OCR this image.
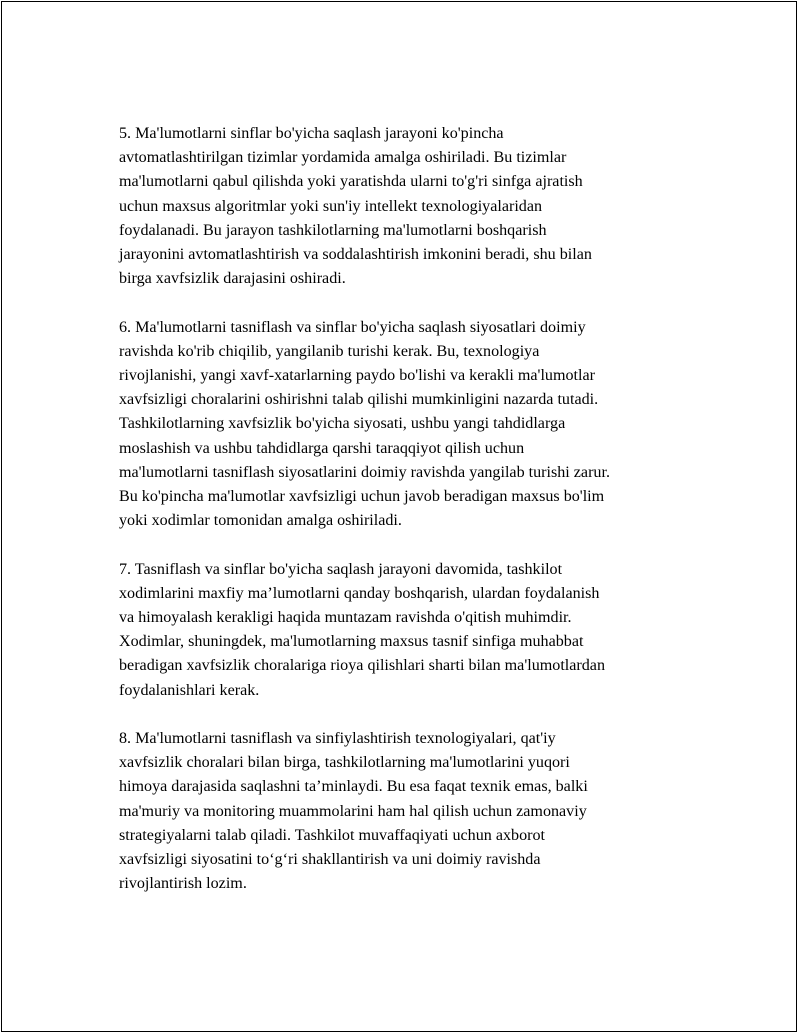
5. Ma'lumotlarni sinflar bo'yicha saqlash jarayoni ko'pincha
avtomatlashtirilgan tizimlar yordamida amalga oshiriladi. Bu tizimlar
ma'lumotlarni qabul qilishda yoki yaratishda ularni to'g'ri sinfga ajratish
uchun maxsus algoritmlar yoki sun'iy intellekt texnologiyalaridan
foydalanadi. Bu jarayon tashkilotlarning ma'lumotlarni boshqarish
jarayonini avtomatlashtirish va soddalashtirish imkonini beradi, shu bilan
birga xavfsizlik darajasini oshiradi.

6. Ma'lumotlarni tasniflash va sinflar bo'yicha saqlash siyosatlari doimiy
ravishda ko'rib chiqilib, yangilanib turishi kerak. Bu, texnologiya
rivojlanishi, yangi xavf-xatarlarning paydo bo'lishi va kerakli ma'lumotlar
xavfsizligi choralarini oshirishni talab qilishi mumkinligini nazarda tutadi.
Tashkilotlarning xavfsizlik bo'yicha siyosati, ushbu yangi tahdidlarga
moslashish va ushbu tahdidlarga qarshi taraqqiyot qilish uchun
ma'lumotlarni tasniflash siyosatlarini doimiy ravishda yangilab turishi zarur.
Bu ko'pincha ma'lumotlar xavfsizligi uchun javob beradigan maxsus bo'lim
yoki xodimlar tomonidan amalga oshiriladi.

7. Tasniflash va sinflar bo'yicha saqlash jarayoni davomida, tashkilot
xodimlarini maxfiy ma’lumotlarni qanday boshqarish, ulardan foydalanish
va himoyalash kerakligi haqida muntazam ravishda o'qitish muhimdir.
Xodimlar, shuningdek, ma'lumotlarning maxsus tasnif sinfiga muhabbat
beradigan xavfsizlik choralariga rioya qilishlari sharti bilan ma'lumotlardan
foydalanishlari kerak.

8. Ma'lumotlarni tasniflash va sinfiylashtirish texnologiyalari, qat'iy
xavfsizlik choralari bilan birga, tashkilotlarning ma'lumotlarini yuqori
himoya darajasida saqlashni ta’minlaydi. Bu esa faqat texnik emas, balki
ma'muriy va monitoring muammolarini ham hal qilish uchun zamonaviy
strategiyalarni talab qiladi. Tashkilot muvaffaqiyati uchun axborot
xavfsizligi siyosatini to‘g‘ri shakllantirish va uni doimiy ravishda
rivojlantirish lozim.
